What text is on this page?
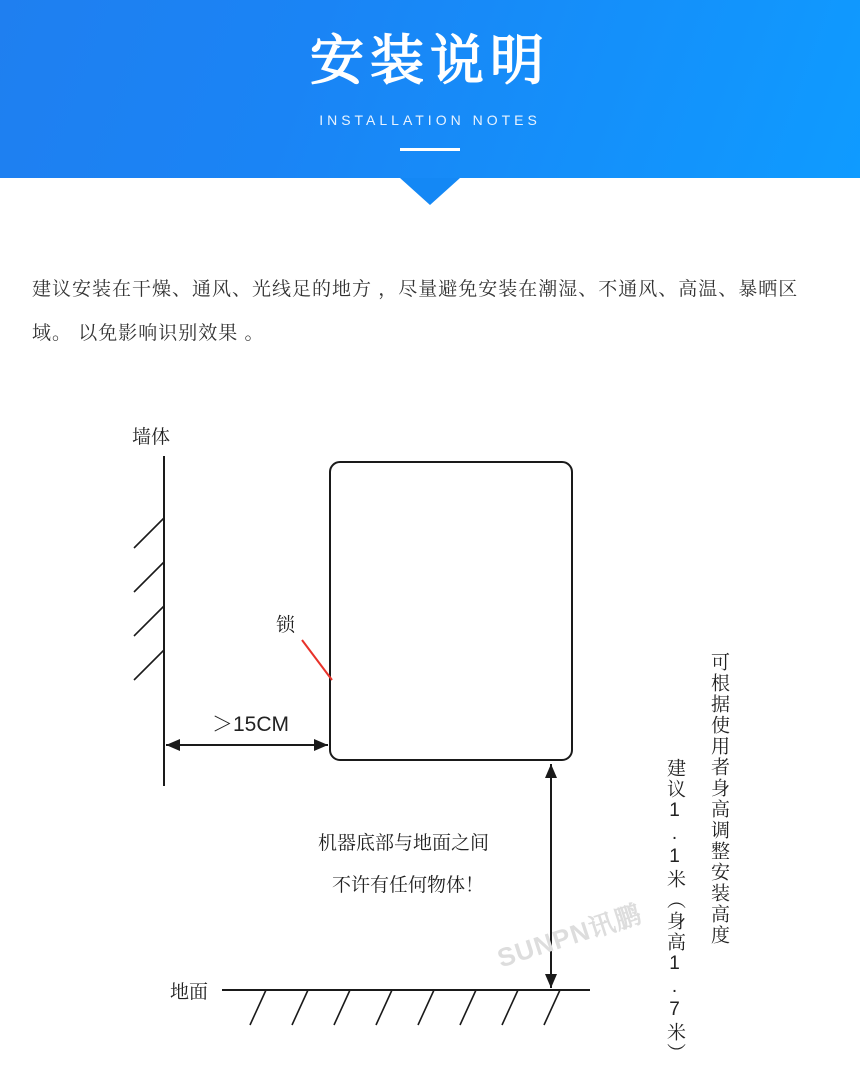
安装说明
INSTALLATION NOTES
建议安装在干燥、通风、光线足的地方 ，尽量避免安装在潮湿、不通风、高温、暴晒区域。 以免影响识别效果 。
墙体
锁
＞15CM
地面
机器底部与地面之间
不许有任何物体！	可根据使用者身高调整安装高度
建议1.1米（身高1.7米）
SUNPN讯鹏
